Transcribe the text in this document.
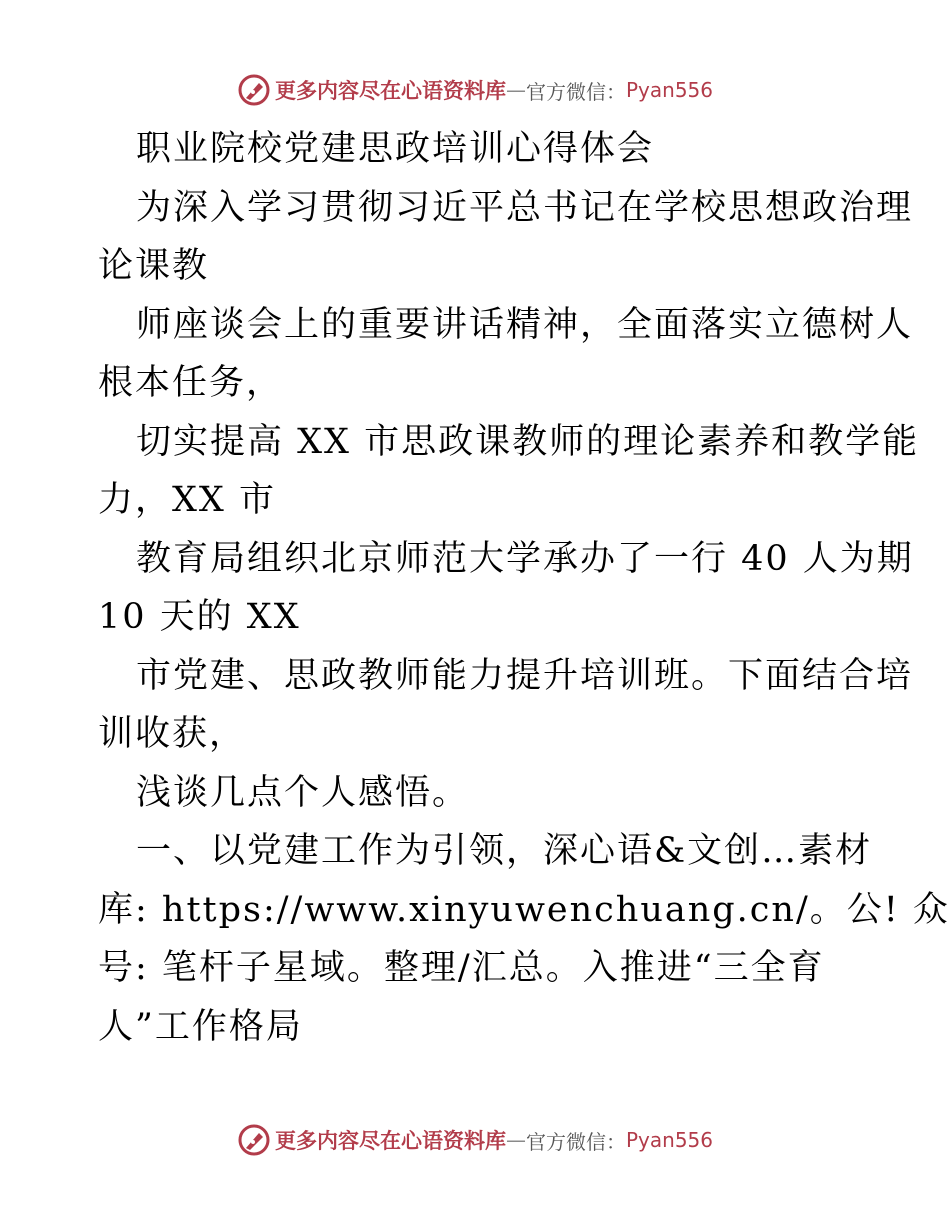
更多内容尽在心语资料库 — 官方微信： Pyan556
职业院校党建思政培训心得体会
为深入学习贯彻习近平总书记在学校思想政治理
论课教
师座谈会上的重要讲话精神，全面落实立德树人
根本任务，
切实提高 XX 市思政课教师的理论素养和教学能
力，XX 市
教育局组织北京师范大学承办了一行 40 人为期
10 天的 XX
市党建、思政教师能力提升培训班。下面结合培
训收获，
浅谈几点个人感悟。
一、以党建工作为引领，深心语&文创…素材
库: https://www.xinyuwenchuang.cn/。公! 众
号: 笔杆子星域。整理/汇总。入推进“三全育
人”工作格局
更多内容尽在心语资料库 — 官方微信： Pyan556
